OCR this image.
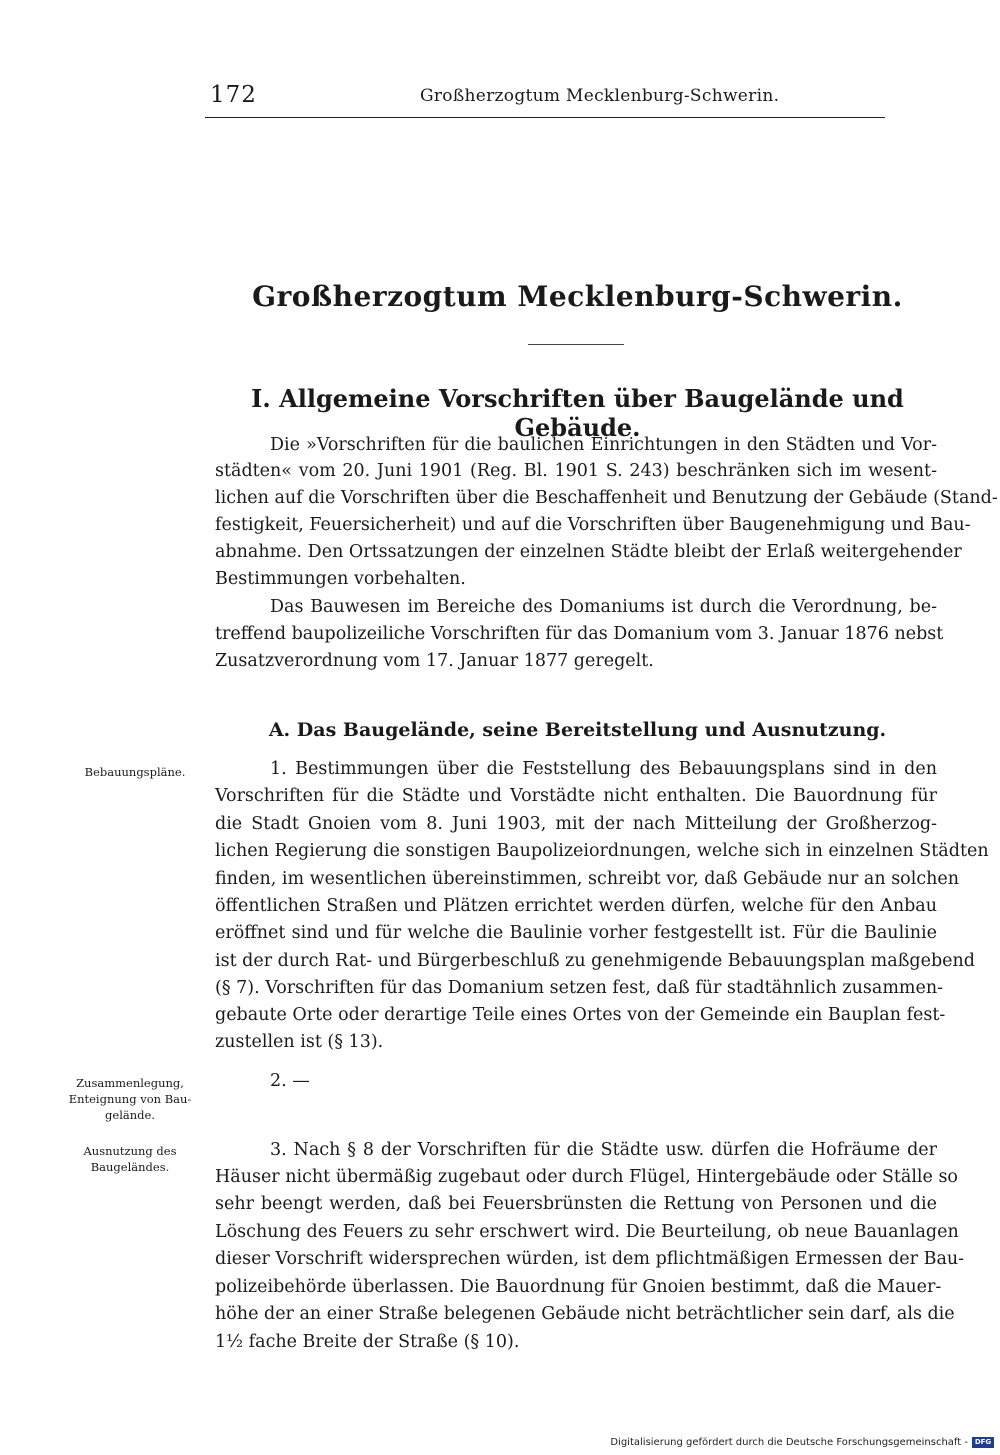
172	Großherzogtum Mecklenburg-Schwerin.
Großherzogtum Mecklenburg-Schwerin.
I. Allgemeine Vorschriften über Baugelände und Gebäude.
Die »Vorschriften für die baulichen Einrichtungen in den Städten und Vor-
städten« vom 20. Juni 1901 (Reg. Bl. 1901 S. 243) beschränken sich im wesent-
lichen auf die Vorschriften über die Beschaffenheit und Benutzung der Gebäude (Stand-
festigkeit, Feuersicherheit) und auf die Vorschriften über Baugenehmigung und Bau-
abnahme. Den Ortssatzungen der einzelnen Städte bleibt der Erlaß weitergehender
Bestimmungen vorbehalten.
Das Bauwesen im Bereiche des Domaniums ist durch die Verordnung, be-
treffend baupolizeiliche Vorschriften für das Domanium vom 3. Januar 1876 nebst
Zusatzverordnung vom 17. Januar 1877 geregelt.
A. Das Baugelände, seine Bereitstellung und Ausnutzung.
Bebauungspläne.
Zusammenlegung, Enteignung von Bau-gelände.
Ausnutzung des Baugeländes.
1. Bestimmungen über die Feststellung des Bebauungsplans sind in den
Vorschriften für die Städte und Vorstädte nicht enthalten. Die Bauordnung für
die Stadt Gnoien vom 8. Juni 1903, mit der nach Mitteilung der Großherzog-
lichen Regierung die sonstigen Baupolizeiordnungen, welche sich in einzelnen Städten
finden, im wesentlichen übereinstimmen, schreibt vor, daß Gebäude nur an solchen
öffentlichen Straßen und Plätzen errichtet werden dürfen, welche für den Anbau
eröffnet sind und für welche die Baulinie vorher festgestellt ist. Für die Baulinie
ist der durch Rat- und Bürgerbeschluß zu genehmigende Bebauungsplan maßgebend
(§ 7). Vorschriften für das Domanium setzen fest, daß für stadtähnlich zusammen-
gebaute Orte oder derartige Teile eines Ortes von der Gemeinde ein Bauplan fest-
zustellen ist (§ 13).
2. —
3. Nach § 8 der Vorschriften für die Städte usw. dürfen die Hofräume der
Häuser nicht übermäßig zugebaut oder durch Flügel, Hintergebäude oder Ställe so
sehr beengt werden, daß bei Feuersbrünsten die Rettung von Personen und die
Löschung des Feuers zu sehr erschwert wird. Die Beurteilung, ob neue Bauanlagen
dieser Vorschrift widersprechen würden, ist dem pflichtmäßigen Ermessen der Bau-
polizeibehörde überlassen. Die Bauordnung für Gnoien bestimmt, daß die Mauer-
höhe der an einer Straße belegenen Gebäude nicht beträchtlicher sein darf, als die
1½ fache Breite der Straße (§ 10).
Digitalisierung gefördert durch die Deutsche Forschungsgemeinschaft - DFG
